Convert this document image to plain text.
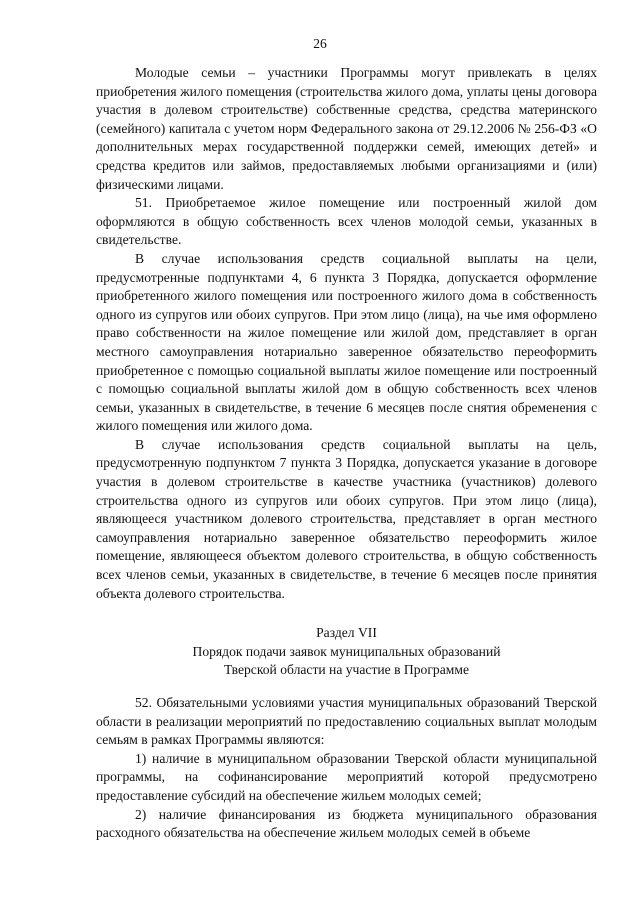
26

Молодые семьи – участники Программы могут привлекать в целях приобретения жилого помещения (строительства жилого дома, уплаты цены договора участия в долевом строительстве) собственные средства, средства материнского (семейного) капитала с учетом норм Федерального закона от 29.12.2006 № 256-ФЗ «О дополнительных мерах государственной поддержки семей, имеющих детей» и средства кредитов или займов, предоставляемых любыми организациями и (или) физическими лицами.

51. Приобретаемое жилое помещение или построенный жилой дом оформляются в общую собственность всех членов молодой семьи, указанных в свидетельстве.

В случае использования средств социальной выплаты на цели, предусмотренные подпунктами 4, 6 пункта 3 Порядка, допускается оформление приобретенного жилого помещения или построенного жилого дома в собственность одного из супругов или обоих супругов. При этом лицо (лица), на чье имя оформлено право собственности на жилое помещение или жилой дом, представляет в орган местного самоуправления нотариально заверенное обязательство переоформить приобретенное с помощью социальной выплаты жилое помещение или построенный с помощью социальной выплаты жилой дом в общую собственность всех членов семьи, указанных в свидетельстве, в течение 6 месяцев после снятия обременения с жилого помещения или жилого дома.

В случае использования средств социальной выплаты на цель, предусмотренную подпунктом 7 пункта 3 Порядка, допускается указание в договоре участия в долевом строительстве в качестве участника (участников) долевого строительства одного из супругов или обоих супругов. При этом лицо (лица), являющееся участником долевого строительства, представляет в орган местного самоуправления нотариально заверенное обязательство переоформить жилое помещение, являющееся объектом долевого строительства, в общую собственность всех членов семьи, указанных в свидетельстве, в течение 6 месяцев после принятия объекта долевого строительства.

Раздел VII
Порядок подачи заявок муниципальных образований
Тверской области на участие в Программе

52. Обязательными условиями участия муниципальных образований Тверской области в реализации мероприятий по предоставлению социальных выплат молодым семьям в рамках Программы являются:

1) наличие в муниципальном образовании Тверской области муниципальной программы, на софинансирование мероприятий которой предусмотрено предоставление субсидий на обеспечение жильем молодых семей;

2) наличие финансирования из бюджета муниципального образования расходного обязательства на обеспечение жильем молодых семей в объеме
